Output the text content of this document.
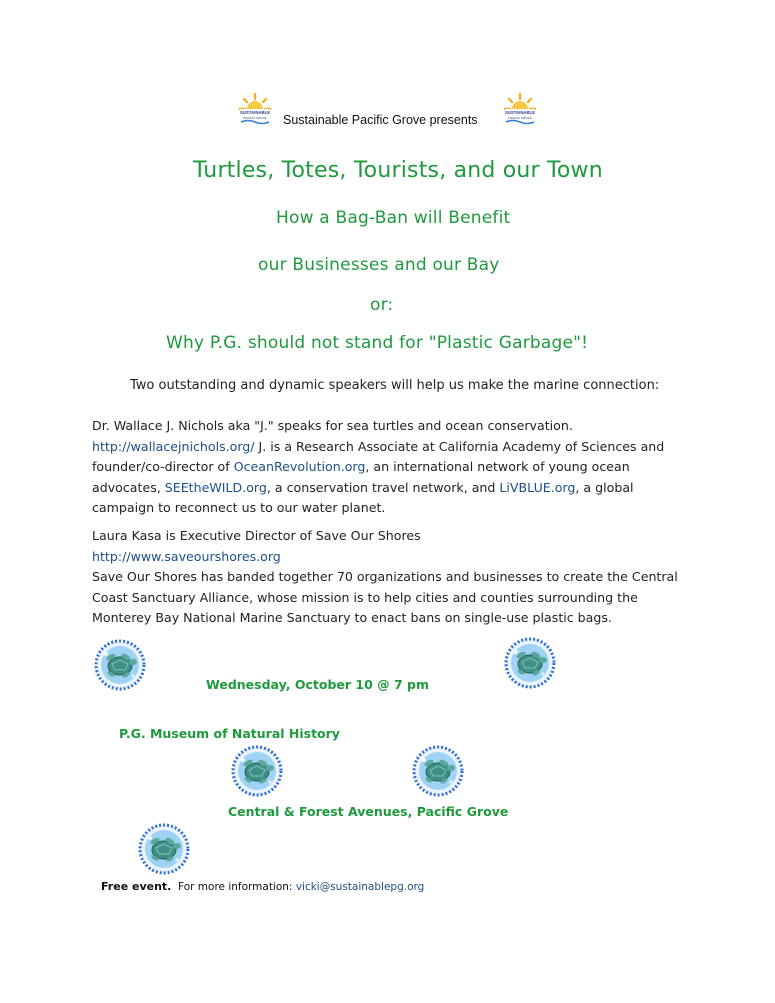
SUSTAINABLE
PACIFIC GROVE Sustainable Pacific Grove presents
SUSTAINABLE
PACIFIC GROVE
Turtles, Totes, Tourists, and our Town
How a Bag-Ban will Benefit
our Businesses and our Bay
or:
Why P.G. should not stand for "Plastic Garbage"!
Two outstanding and dynamic speakers will help us make the marine connection:
Dr. Wallace J. Nichols aka "J." speaks for sea turtles and ocean conservation.
http://wallacejnichols.org/ J. is a Research Associate at California Academy of Sciences and founder/co-director of OceanRevolution.org, an international network of young ocean advocates, SEEtheWILD.org, a conservation travel network, and LiVBLUE.org, a global campaign to reconnect us to our water planet.
Laura Kasa is Executive Director of Save Our Shores
http://www.saveourshores.org
Save Our Shores has banded together 70 organizations and businesses to create the Central Coast Sanctuary Alliance, whose mission is to help cities and counties surrounding the Monterey Bay National Marine Sanctuary to enact bans on single-use plastic bags.
Wednesday, October 10 @ 7 pm
P.G. Museum of Natural History
Central & Forest Avenues, Pacific Grove
Free event. For more information: vicki@sustainablepg.org
